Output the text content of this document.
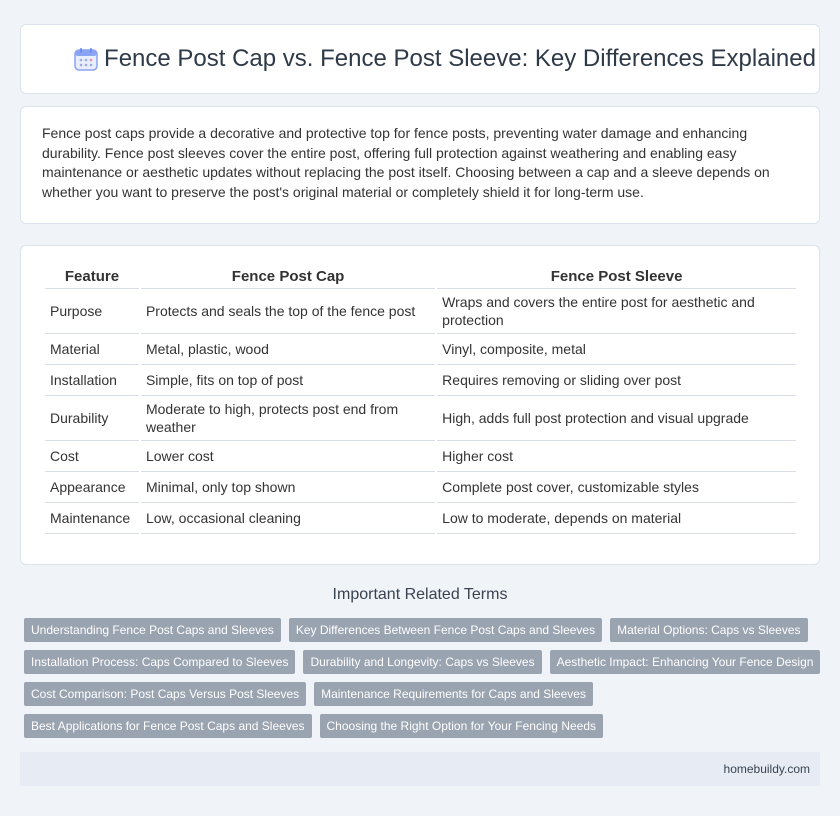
Fence Post Cap vs. Fence Post Sleeve: Key Differences Explained

Fence post caps provide a decorative and protective top for fence posts, preventing water damage and enhancing durability. Fence post sleeves cover the entire post, offering full protection against weathering and enabling easy maintenance or aesthetic updates without replacing the post itself. Choosing between a cap and a sleeve depends on whether you want to preserve the post's original material or completely shield it for long-term use.

Feature	Fence Post Cap	Fence Post Sleeve
Purpose	Protects and seals the top of the fence post	Wraps and covers the entire post for aesthetic and protection
Material	Metal, plastic, wood	Vinyl, composite, metal
Installation	Simple, fits on top of post	Requires removing or sliding over post
Durability	Moderate to high, protects post end from weather	High, adds full post protection and visual upgrade
Cost	Lower cost	Higher cost
Appearance	Minimal, only top shown	Complete post cover, customizable styles
Maintenance	Low, occasional cleaning	Low to moderate, depends on material
Important Related Terms
Understanding Fence Post Caps and Sleeves	Key Differences Between Fence Post Caps and Sleeves	Material Options: Caps vs Sleeves
Installation Process: Caps Compared to Sleeves	Durability and Longevity: Caps vs Sleeves	Aesthetic Impact: Enhancing Your Fence Design
Cost Comparison: Post Caps Versus Post Sleeves	Maintenance Requirements for Caps and Sleeves
Best Applications for Fence Post Caps and Sleeves	Choosing the Right Option for Your Fencing Needs
homebuildy.com
